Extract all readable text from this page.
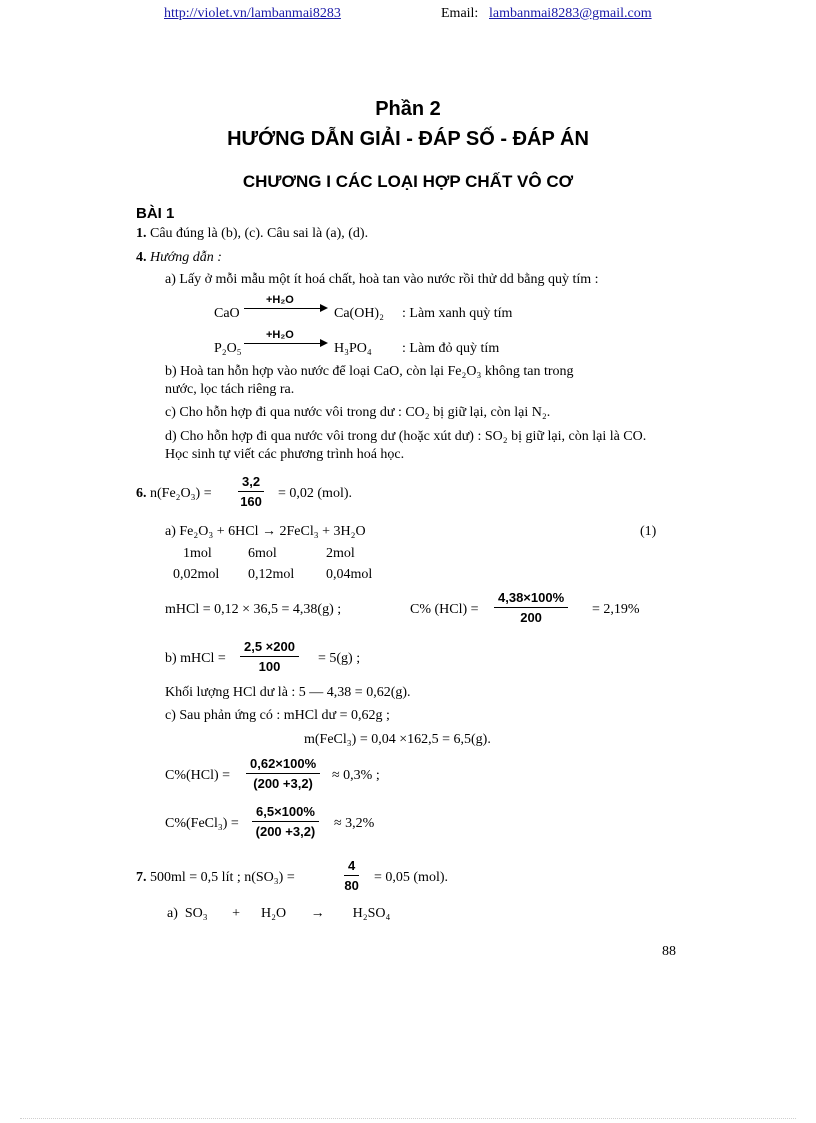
http://violet.vn/lambanmai8283	Email: lambanmai8283@gmail.com
Phần 2
HƯỚNG DẪN GIẢI - ĐÁP SỐ - ĐÁP ÁN
CHƯƠNG I CÁC LOẠI HỢP CHẤT VÔ CƠ
BÀI 1
1. Câu đúng là (b), (c). Câu sai là (a), (d).
4. Hướng dẫn :
a) Lấy ở mỗi mẫu một ít hoá chất, hoà tan vào nước rồi thử dd bằng quỳ tím :
CaO
+H₂O
Ca(OH)₂ : Làm xanh quỳ tím
P₂O₅
+H₂O
H₃PO₄ : Làm đỏ quỳ tím
b) Hoà tan hỗn hợp vào nước để loại CaO, còn lại Fe₂O₃ không tan trong
nước, lọc tách riêng ra.
c) Cho hỗn hợp đi qua nước vôi trong dư : CO₂ bị giữ lại, còn lại N₂.
d) Cho hỗn hợp đi qua nước vôi trong dư (hoặc xút dư) : SO₂ bị giữ lại, còn lại là CO.
Học sinh tự viết các phương trình hoá học.
6. $n(Fe_2O_3) = \frac{3,2}{160} = 0,02$ (mol).
a) Fe₂O₃ + 6HCl → 2FeCl₃ + 3H₂O	(1)
1mol	6mol	2mol
0,02mol 0,12mol 0,04mol
mHCl = 0,12 × 36,5 = 4,38(g) ;	C% $(HCl) = \frac{4,38\times 100\%}{200} = 2,19\%$
b) mHCl = $\frac{2,5 \times 200}{100} = 5(g)$ ;
Khối lượng HCl dư là : 5 — 4,38 = 0,62(g).
c) Sau phản ứng có : mHCl dư = 0,62g ;
m(FeCl₃) = 0,04 ×162,5 = 6,5(g).
$C\%(HCl) = \frac{0,62\times 100\%}{(200 +3,2)} \approx 0,3\%$ ;
C%(FeCl₃) = $\frac{6,5\times 100\%}{(200 +3,2)} \approx 3,2\%$
7. 500ml = 0,5 lít ; n(SO₃) =	$\frac{4}{80} = 0,05$ (mol).
a)  SO₃       +      H₂O       →        H₂SO₄
88
